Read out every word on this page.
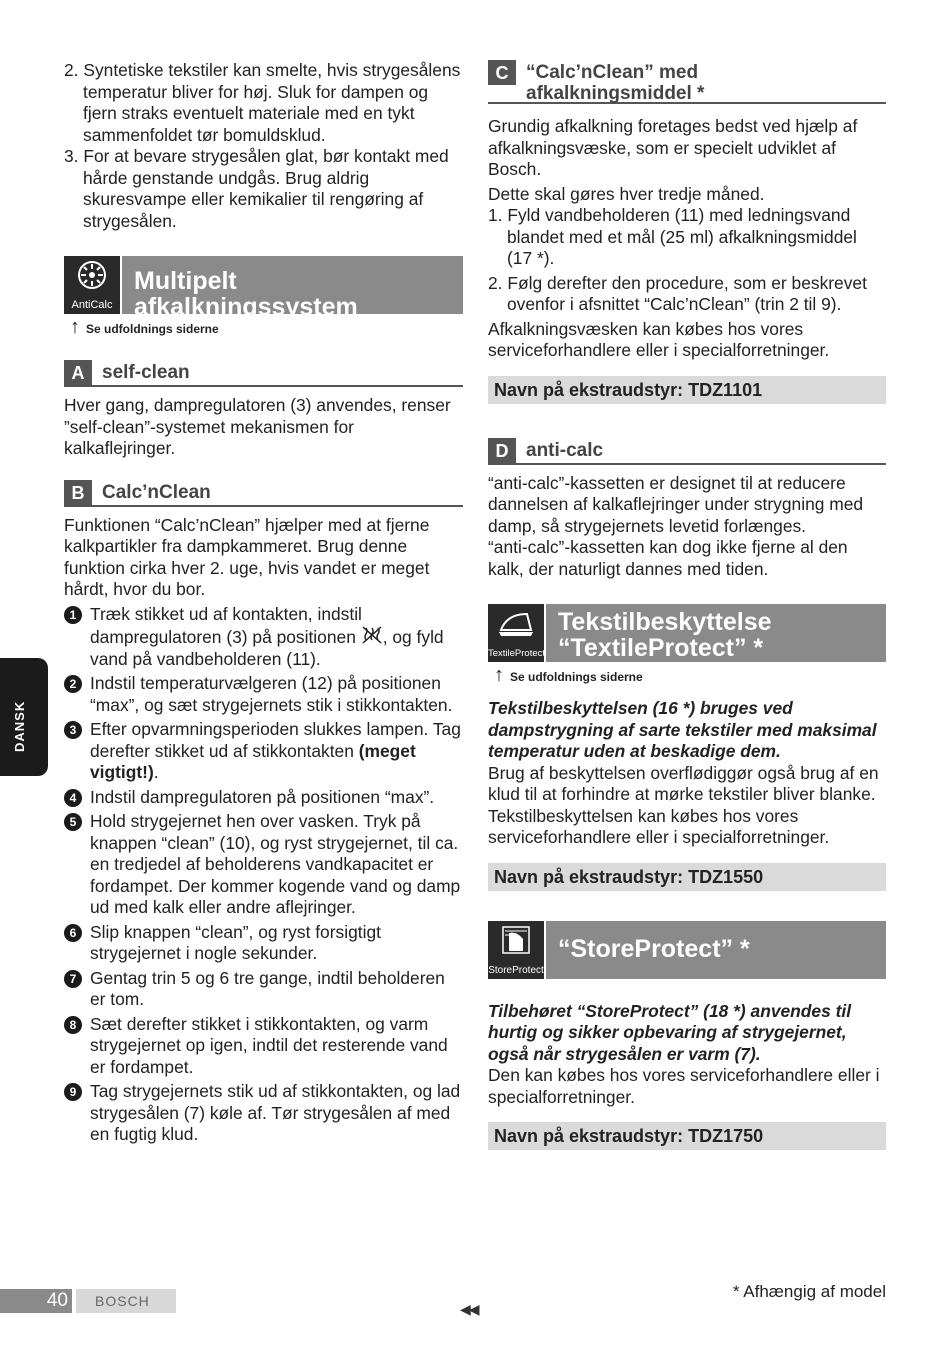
DANSK
2. Syntetiske tekstiler kan smelte, hvis strygesålens temperatur bliver for høj. Sluk for dampen og fjern straks eventuelt materiale med en tykt sammenfoldet tør bomuldsklud.
3. For at bevare strygesålen glat, bør kontakt med hårde genstande undgås. Brug aldrig skuresvampe eller kemikalier til rengøring af strygesålen.
AntiCalc
Multipelt afkalkningssystem
↑ Se udfoldnings siderne
A self-clean

Hver gang, dampregulatoren (3) anvendes, renser ”self-clean”-systemet mekanismen for kalkaflejringer.

B Calc’nClean

Funktionen “Calc’nClean” hjælper med at fjerne kalkpartikler fra dampkammeret. Brug denne funktion cirka hver 2. uge, hvis vandet er meget hårdt, hvor du bor.

1 Træk stikket ud af kontakten, indstil dampregulatoren (3) på positionen , og fyld vand på vandbeholderen (11).
2 Indstil temperaturvælgeren (12) på positionen “max”, og sæt strygejernets stik i stikkontakten.
3 Efter opvarmningsperioden slukkes lampen. Tag derefter stikket ud af stikkontakten (meget vigtigt!).
4 Indstil dampregulatoren på positionen “max”.
5 Hold strygejernet hen over vasken. Tryk på knappen “clean” (10), og ryst strygejernet, til ca. en tredjedel af beholderens vandkapacitet er fordampet. Der kommer kogende vand og damp ud med kalk eller andre aflejringer.
6 Slip knappen “clean”, og ryst forsigtigt strygejernet i nogle sekunder.
7 Gentag trin 5 og 6 tre gange, indtil beholderen er tom.
8 Sæt derefter stikket i stikkontakten, og varm strygejernet op igen, indtil det resterende vand er fordampet.
9 Tag strygejernets stik ud af stikkontakten, og lad strygesålen (7) køle af. Tør strygesålen af med en fugtig klud.
C “Calc’nClean” med afkalkningsmiddel *

Grundig afkalkning foretages bedst ved hjælp af afkalkningsvæske, som er specielt udviklet af Bosch.

Dette skal gøres hver tredje måned.

1. Fyld vandbeholderen (11) med ledningsvand blandet med et mål (25 ml) afkalkningsmiddel (17 *).
2. Følg derefter den procedure, som er beskrevet ovenfor i afsnittet “Calc’nClean” (trin 2 til 9).

Afkalkningsvæsken kan købes hos vores serviceforhandlere eller i specialforretninger.

Navn på ekstraudstyr: TDZ1101
D anti-calc

“anti-calc”-kassetten er designet til at reducere dannelsen af kalkaflejringer under strygning med damp, så strygejernets levetid forlænges.

“anti-calc”-kassetten kan dog ikke fjerne al den kalk, der naturligt dannes med tiden.

TextileProtect
Tekstilbeskyttelse
“TextileProtect” *
↑ Se udfoldnings siderne

Tekstilbeskyttelsen (16 *) bruges ved dampstrygning af sarte tekstiler med maksimal temperatur uden at beskadige dem.

Brug af beskyttelsen overflødiggør også brug af en klud til at forhindre at mørke tekstiler bliver blanke.

Tekstilbeskyttelsen kan købes hos vores serviceforhandlere eller i specialforretninger.

Navn på ekstraudstyr: TDZ1550
StoreProtect
“StoreProtect” *

Tilbehøret “StoreProtect” (18 *) anvendes til hurtig og sikker opbevaring af strygejernet, også når strygesålen er varm (7).

Den kan købes hos vores serviceforhandlere eller i specialforretninger.

Navn på ekstraudstyr: TDZ1750
40	BOSCH	◀◀
* Afhængig af model
